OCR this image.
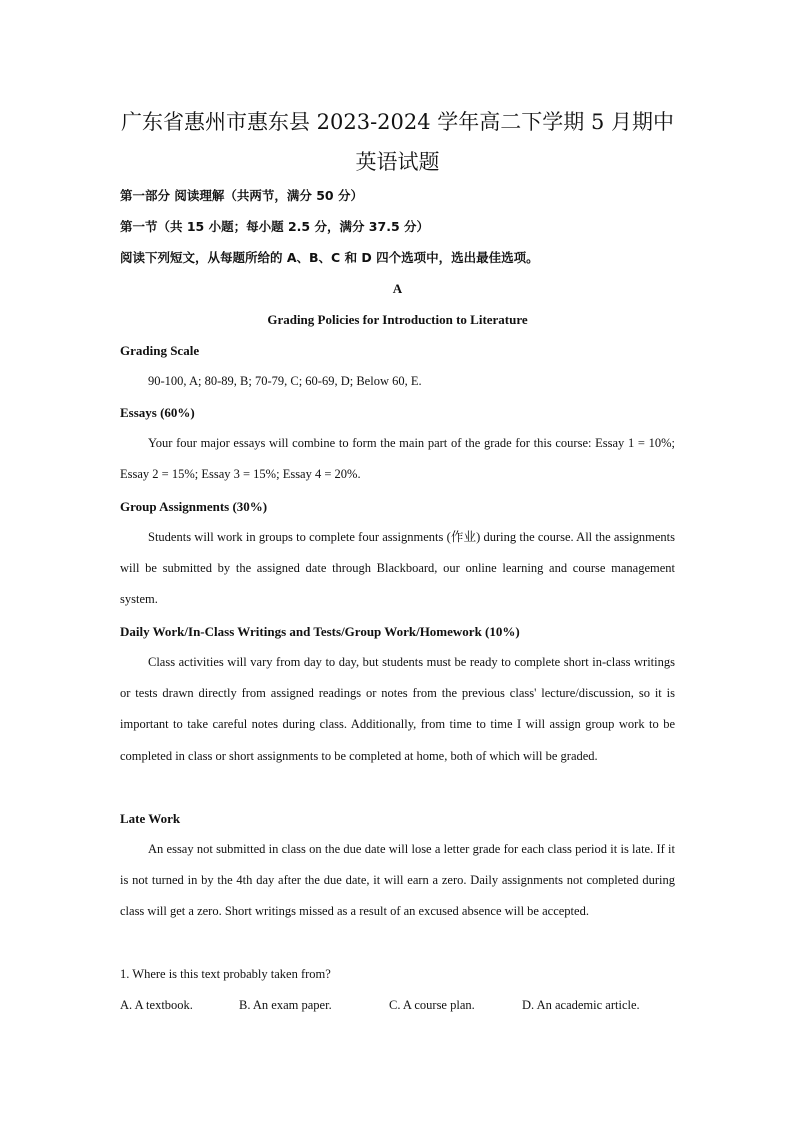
广东省惠州市惠东县 2023-2024 学年高二下学期 5 月期中
英语试题
第一部分 阅读理解（共两节，满分 50 分）
第一节（共 15 小题；每小题 2.5 分，满分 37.5 分）
阅读下列短文，从每题所给的 A、B、C 和 D 四个选项中，选出最佳选项。
A
Grading Policies for Introduction to Literature
Grading Scale

90-100, A; 80-89, B; 70-79, C; 60-69, D; Below 60, E.

Essays (60%)

Your four major essays will combine to form the main part of the grade for this course: Essay 1 = 10%; Essay 2 = 15%; Essay 3 = 15%; Essay 4 = 20%.

Group Assignments (30%)

Students will work in groups to complete four assignments (作业) during the course. All the assignments will be submitted by the assigned date through Blackboard, our online learning and course management system.

Daily Work/In-Class Writings and Tests/Group Work/Homework (10%)

Class activities will vary from day to day, but students must be ready to complete short in-class writings or tests drawn directly from assigned readings or notes from the previous class' lecture/discussion, so it is important to take careful notes during class. Additionally, from time to time I will assign group work to be completed in class or short assignments to be completed at home, both of which will be graded.

Late Work

An essay not submitted in class on the due date will lose a letter grade for each class period it is late. If it is not turned in by the 4th day after the due date, it will earn a zero. Daily assignments not completed during class will get a zero. Short writings missed as a result of an excused absence will be accepted.

1. Where is this text probably taken from?
A. A textbook.	B. An exam paper.	C. A course plan.	D. An academic article.
